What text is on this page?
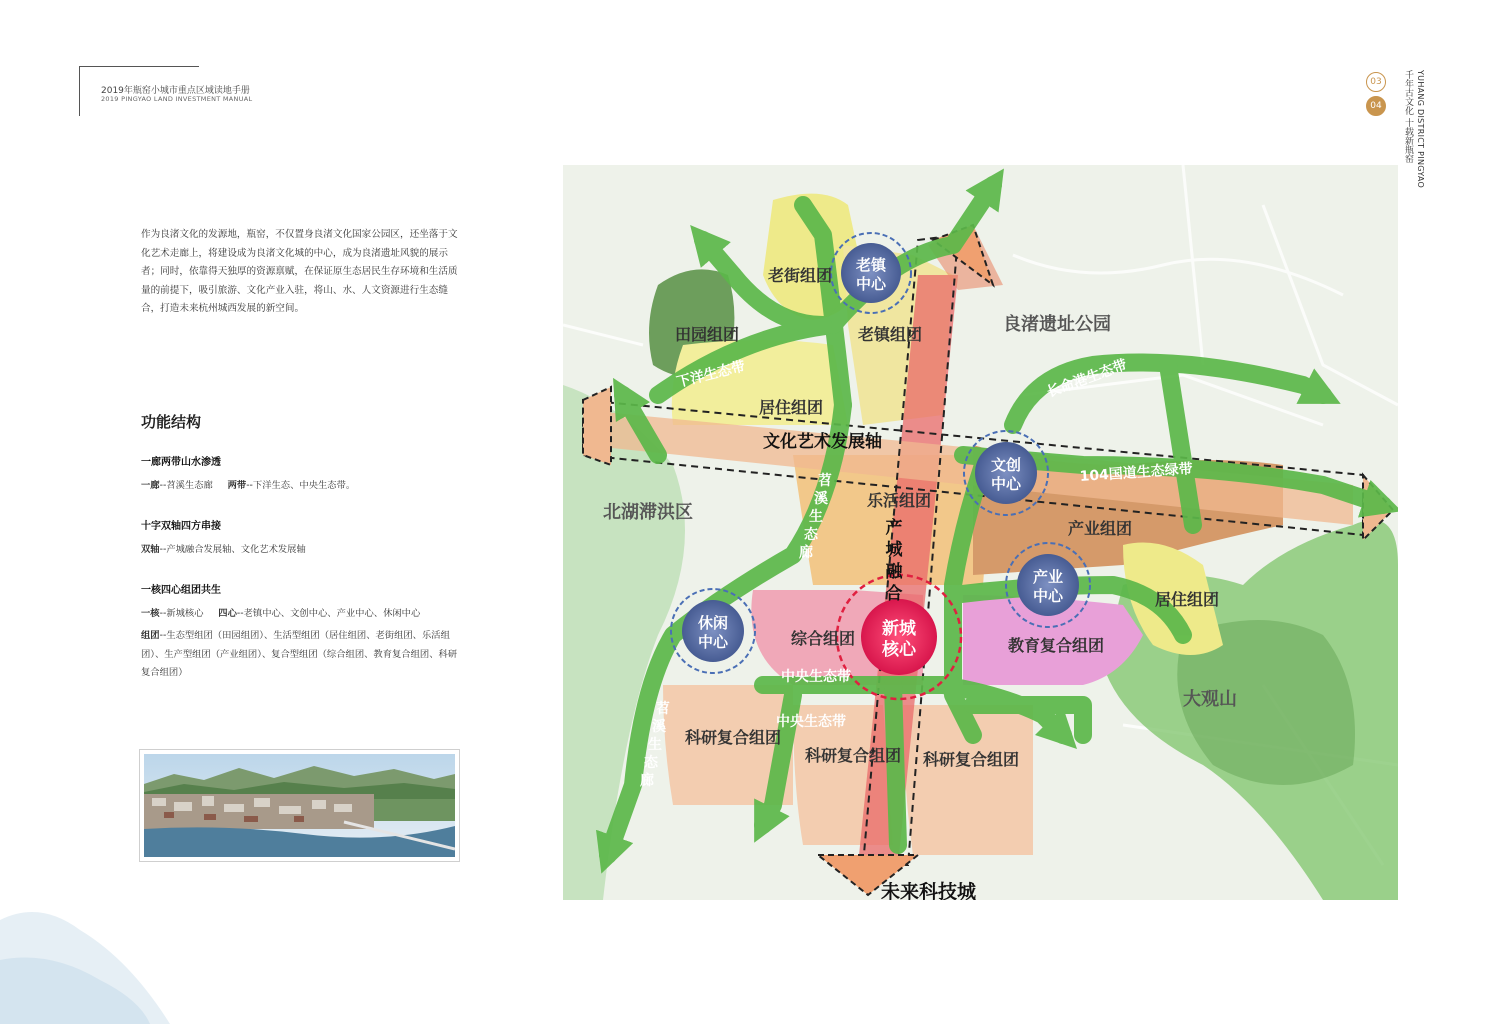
2019年瓶窑小城市重点区域读地手册
2019 PINGYAO LAND INVESTMENT MANUAL
03
04	千年古文化 十载新瓶窑 YUHANG DISTRICT PINGYAO
作为良渚文化的发源地，瓶窑，不仅置身良渚文化国家公园区，还坐落于文化艺术走廊上，将建设成为良渚文化城的中心，成为良渚遗址风貌的展示者；同时，依靠得天独厚的资源禀赋，在保证原生态居民生存环境和生活质量的前提下，吸引旅游、文化产业入驻，将山、水、人文资源进行生态缝合，打造未来杭州城西发展的新空间。
功能结构
一廊两带山水渗透
一廊--苕溪生态廊 两带--下洋生态、中央生态带。
十字双轴四方串接
双轴--产城融合发展轴、文化艺术发展轴
一核四心组团共生
一核--新城核心 四心--老镇中心、文创中心、产业中心、休闲中心
组团--生态型组团（田园组团）、生活型组团（居住组团、老街组团、乐活组团）、生产型组团（产业组团）、复合型组团（综合组团、教育复合组团、科研复合组团）
良渚遗址公园
北湖滞洪区
大观山
未来科技城
田园组团
老街组团
老镇组团
居住组团
乐活组团
产业组团
居住组团
综合组团	教育复合组团
科研复合组团
科研复合组团 科研复合组团
文化艺术发展轴
产
城
融
合
下洋生态带	长命港生态带
104国道生态绿带
中央生态带
中央生态带
苕
溪
生
态
廊
苕
溪
生
态
廊
老镇
中心
文创
中心
产业
中心
休闲
中心
新城
核心
